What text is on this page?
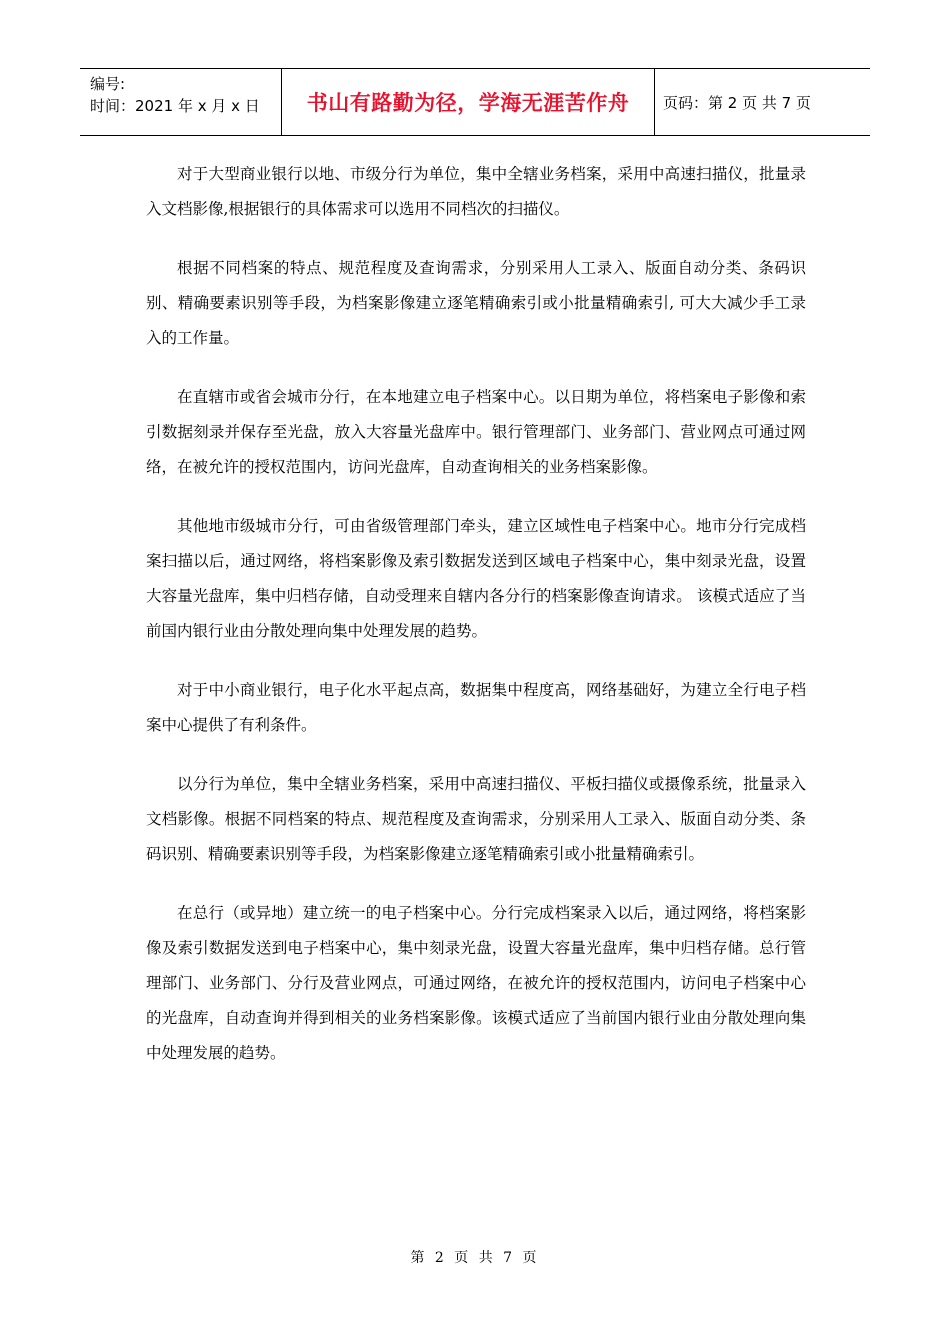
编号:
时间：2021 年 x 月 x 日	书山有路勤为径，学海无涯苦作舟 页码：第 2 页 共 7 页

对于大型商业银行以地、市级分行为单位，集中全辖业务档案，采用中高速扫描仪，批量录入文档影像,根据银行的具体需求可以选用不同档次的扫描仪。

根据不同档案的特点、规范程度及查询需求，分别采用人工录入、版面自动分类、条码识别、精确要素识别等手段，为档案影像建立逐笔精确索引或小批量精确索引, 可大大减少手工录入的工作量。

在直辖市或省会城市分行，在本地建立电子档案中心。以日期为单位，将档案电子影像和索引数据刻录并保存至光盘，放入大容量光盘库中。银行管理部门、业务部门、营业网点可通过网络，在被允许的授权范围内，访问光盘库，自动查询相关的业务档案影像。

其他地市级城市分行，可由省级管理部门牵头，建立区域性电子档案中心。地市分行完成档案扫描以后，通过网络，将档案影像及索引数据发送到区域电子档案中心，集中刻录光盘，设置大容量光盘库，集中归档存储，自动受理来自辖内各分行的档案影像查询请求。 该模式适应了当前国内银行业由分散处理向集中处理发展的趋势。

对于中小商业银行，电子化水平起点高，数据集中程度高，网络基础好，为建立全行电子档案中心提供了有利条件。

以分行为单位，集中全辖业务档案，采用中高速扫描仪、平板扫描仪或摄像系统，批量录入文档影像。根据不同档案的特点、规范程度及查询需求，分别采用人工录入、版面自动分类、条码识别、精确要素识别等手段，为档案影像建立逐笔精确索引或小批量精确索引。

在总行（或异地）建立统一的电子档案中心。分行完成档案录入以后，通过网络，将档案影像及索引数据发送到电子档案中心，集中刻录光盘，设置大容量光盘库，集中归档存储。总行管理部门、业务部门、分行及营业网点，可通过网络，在被允许的授权范围内，访问电子档案中心的光盘库，自动查询并得到相关的业务档案影像。该模式适应了当前国内银行业由分散处理向集中处理发展的趋势。

第 2 页 共 7 页
